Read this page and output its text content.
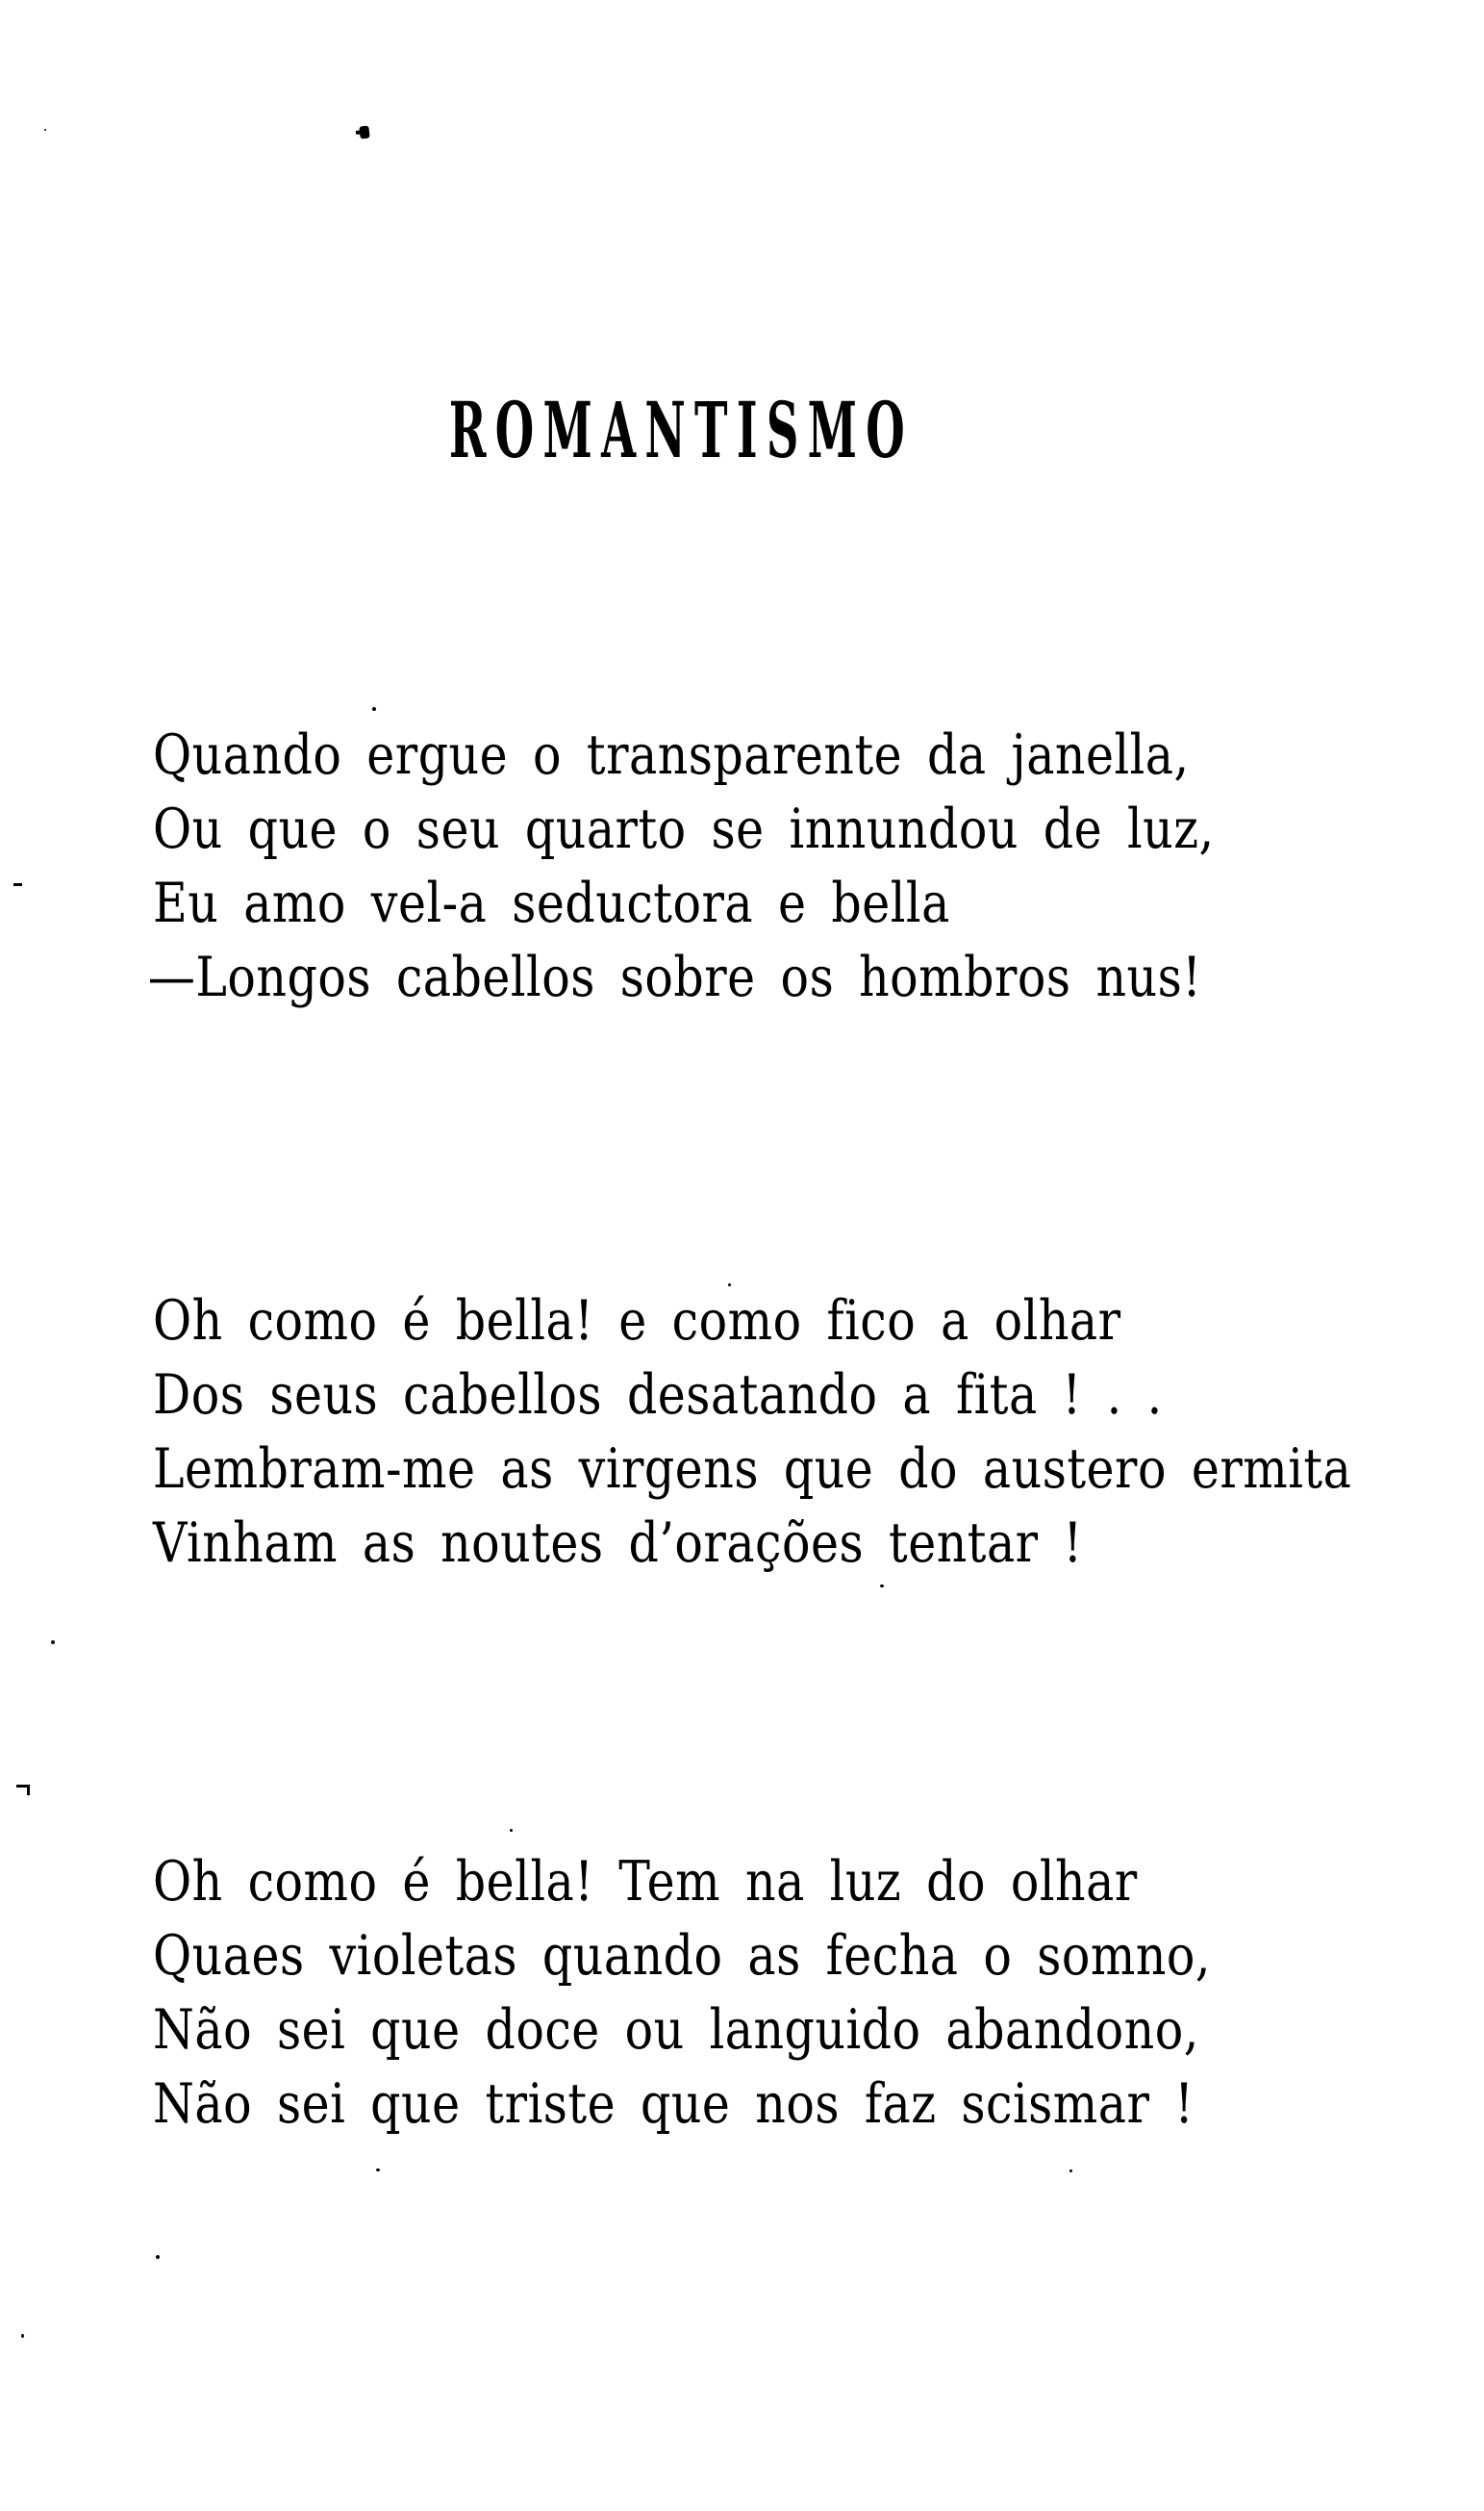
ROMANTISMO
Quando ergue o transparente da janella,
Ou que o seu quarto se innundou de luz,
Eu amo vel-a seductora e bella
—Longos cabellos sobre os hombros nus!
Oh como é bella! e como fico a olhar
Dos seus cabellos desatando a fita ! . .
Lembram-me as virgens que do austero ermita
Vinham as noutes d’orações tentar !
Oh como é bella! Tem na luz do olhar
Quaes violetas quando as fecha o somno,
Não sei que doce ou languido abandono,
Não sei que triste que nos faz scismar !
